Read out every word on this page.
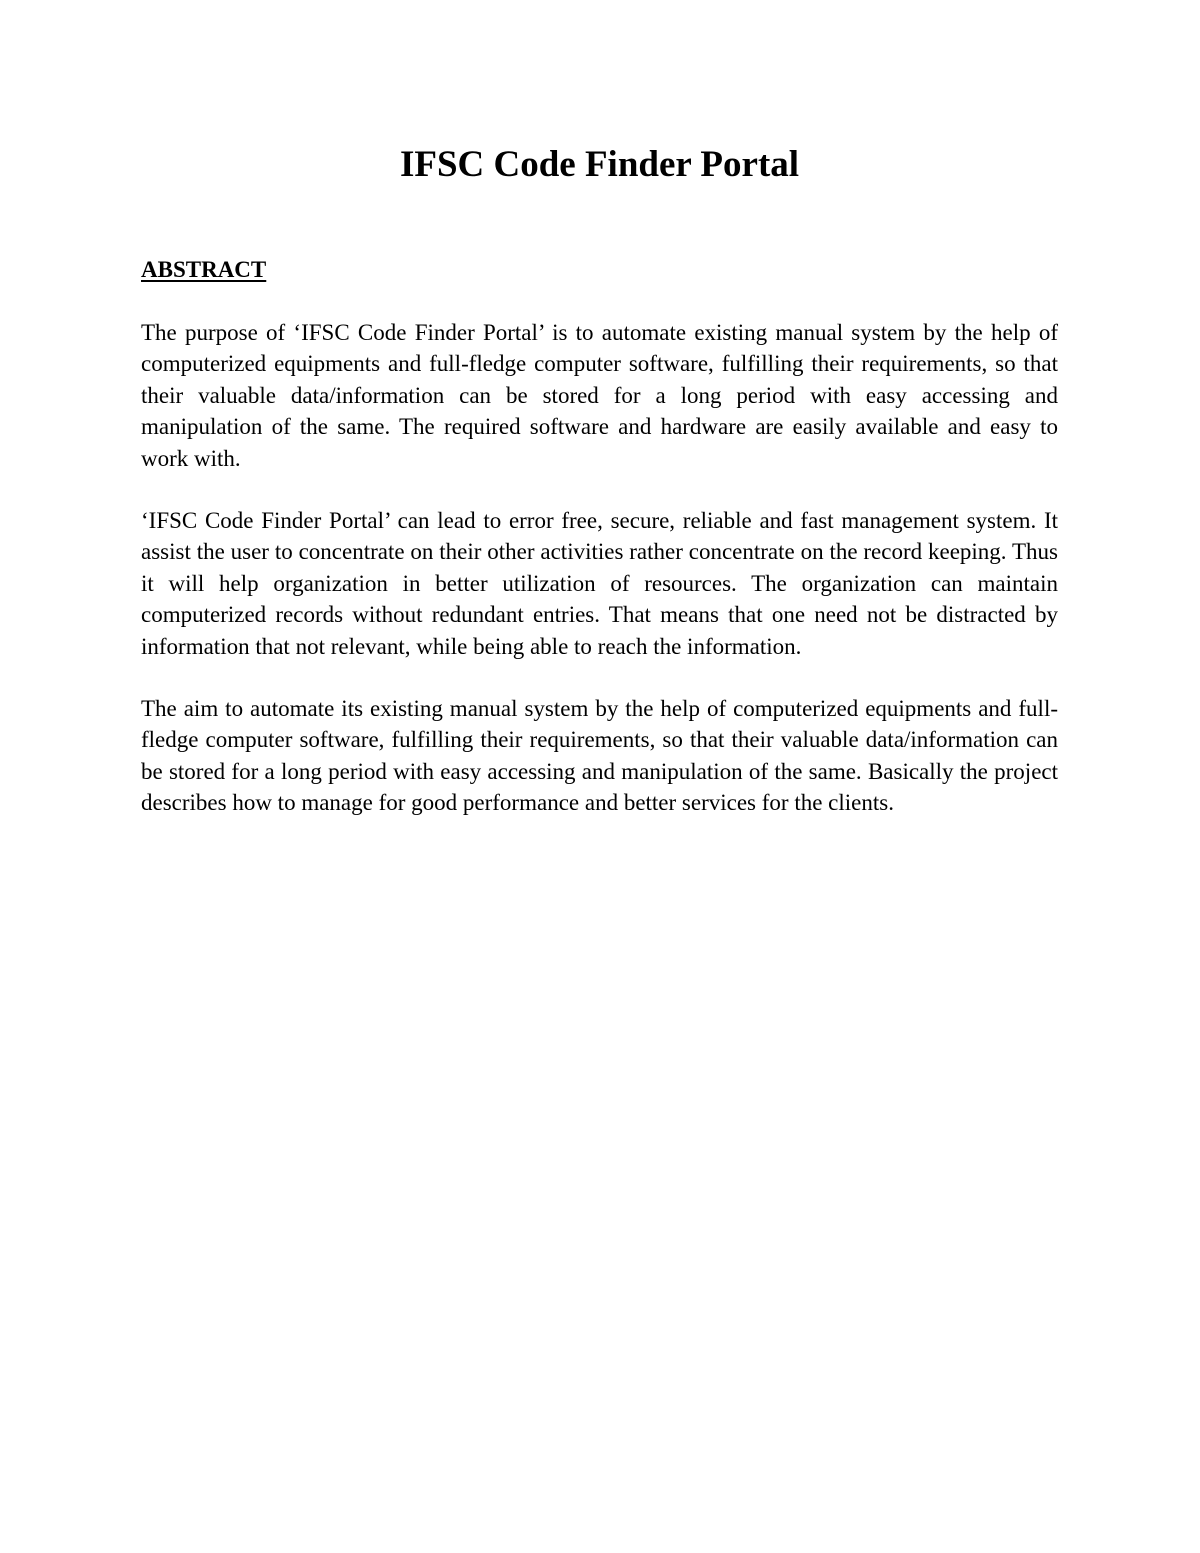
IFSC Code Finder Portal
ABSTRACT

The purpose of ‘IFSC Code Finder Portal’ is to automate existing manual system by the help of computerized equipments and full-fledge computer software, fulfilling their requirements, so that their valuable data/information can be stored for a long period with easy accessing and manipulation of the same. The required software and hardware are easily available and easy to work with.

‘IFSC Code Finder Portal’ can lead to error free, secure, reliable and fast management system. It assist the user to concentrate on their other activities rather concentrate on the record keeping. Thus it will help organization in better utilization of resources. The organization can maintain computerized records without redundant entries. That means that one need not be distracted by information that not relevant, while being able to reach the information.

The aim to automate its existing manual system by the help of computerized equipments and full-fledge computer software, fulfilling their requirements, so that their valuable data/information can be stored for a long period with easy accessing and manipulation of the same. Basically the project describes how to manage for good performance and better services for the clients.
